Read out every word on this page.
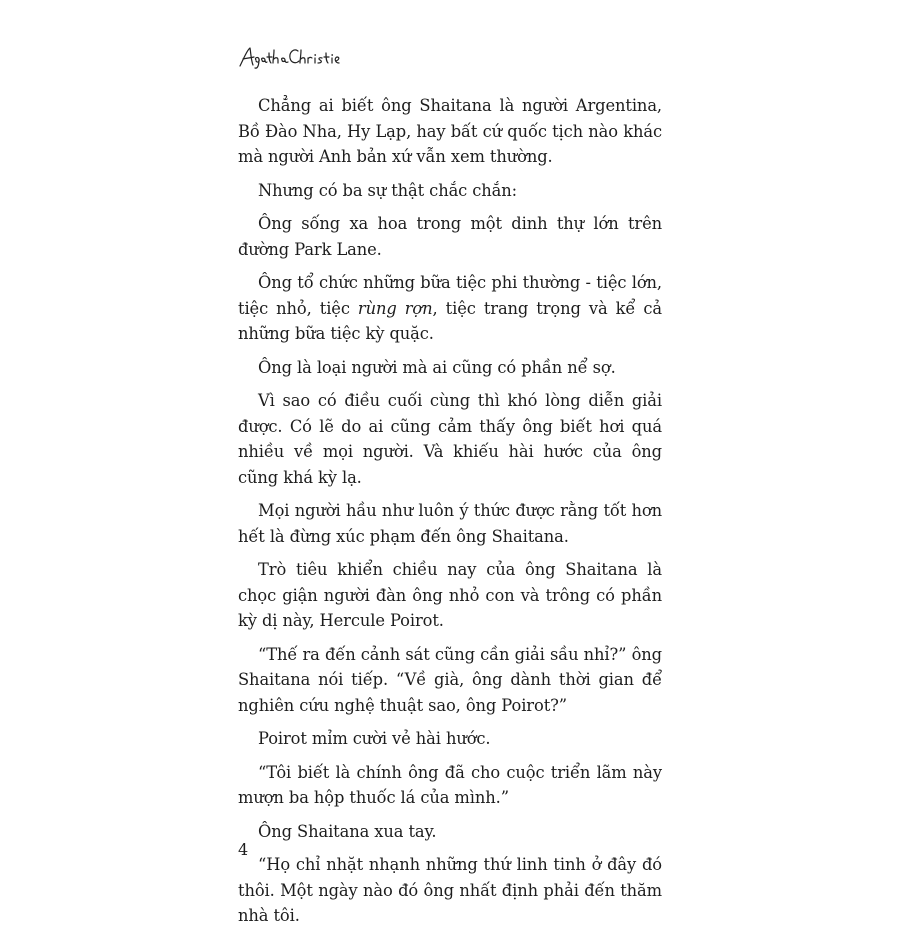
Chẳng ai biết ông Shaitana là người Argentina, Bồ Đào Nha, Hy Lạp, hay bất cứ quốc tịch nào khác mà người Anh bản xứ vẫn xem thường.

Nhưng có ba sự thật chắc chắn:

Ông sống xa hoa trong một dinh thự lớn trên đường Park Lane.

Ông tổ chức những bữa tiệc phi thường - tiệc lớn, tiệc nhỏ, tiệc rùng rợn, tiệc trang trọng và kể cả những bữa tiệc kỳ quặc.

Ông là loại người mà ai cũng có phần nể sợ.

Vì sao có điều cuối cùng thì khó lòng diễn giải được. Có lẽ do ai cũng cảm thấy ông biết hơi quá nhiều về mọi người. Và khiếu hài hước của ông cũng khá kỳ lạ.

Mọi người hầu như luôn ý thức được rằng tốt hơn hết là đừng xúc phạm đến ông Shaitana.

Trò tiêu khiển chiều nay của ông Shaitana là chọc giận người đàn ông nhỏ con và trông có phần kỳ dị này, Hercule Poirot.

“Thế ra đến cảnh sát cũng cần giải sầu nhỉ?” ông Shaitana nói tiếp. “Về già, ông dành thời gian để nghiên cứu nghệ thuật sao, ông Poirot?”

Poirot mỉm cười vẻ hài hước.

“Tôi biết là chính ông đã cho cuộc triển lãm này mượn ba hộp thuốc lá của mình.”

Ông Shaitana xua tay.

“Họ chỉ nhặt nhạnh những thứ linh tinh ở đây đó thôi. Một ngày nào đó ông nhất định phải đến thăm nhà tôi.

4
